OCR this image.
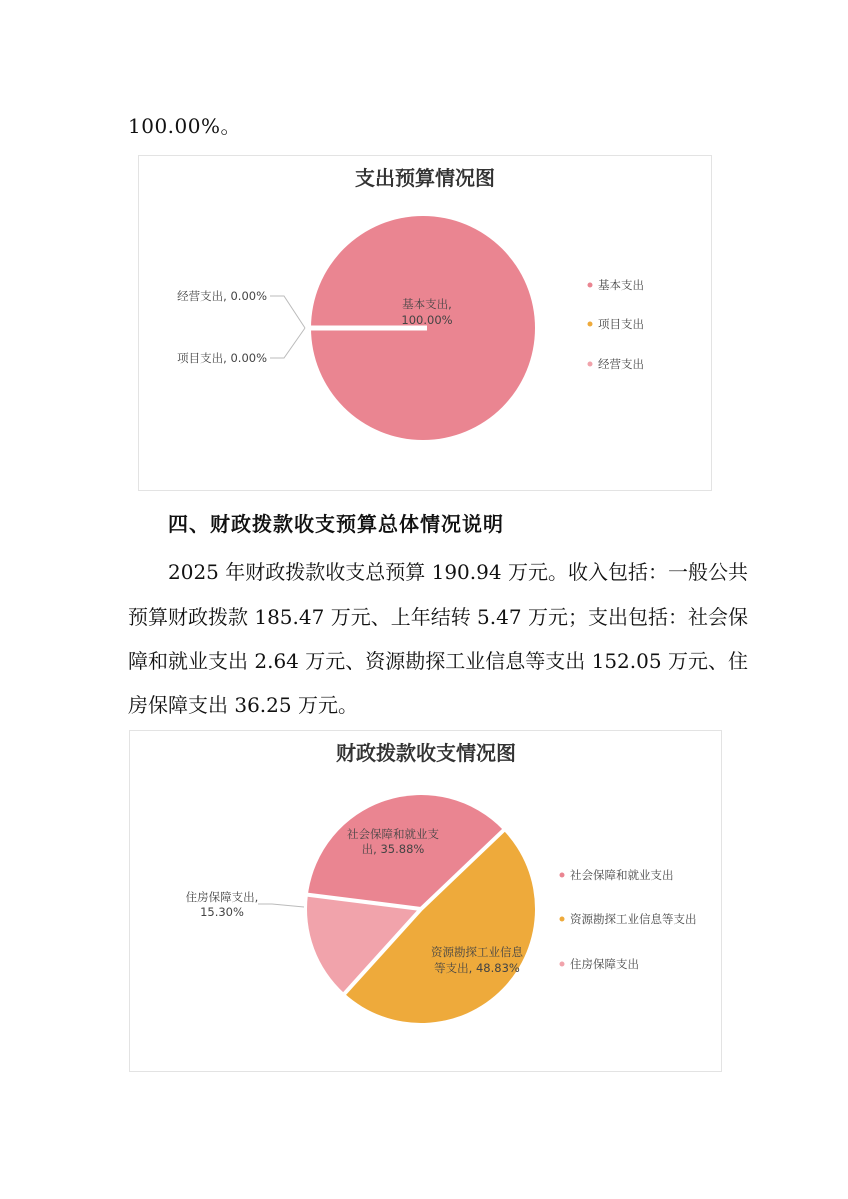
100.00%。
支出预算情况图
基本支出,
100.00%
经营支出, 0.00%
项目支出, 0.00%
基本支出
项目支出
经营支出
四、财政拨款收支预算总体情况说明
2025 年财政拨款收支总预算 190.94 万元。收入包括：一般公共
预算财政拨款 185.47 万元、上年结转 5.47 万元；支出包括：社会保
障和就业支出 2.64 万元、资源勘探工业信息等支出 152.05 万元、住
房保障支出 36.25 万元。
财政拨款收支情况图
社会保障和就业支
出, 35.88%
资源勘探工业信息
等支出, 48.83%
住房保障支出,
15.30%
社会保障和就业支出
资源勘探工业信息等支出
住房保障支出
